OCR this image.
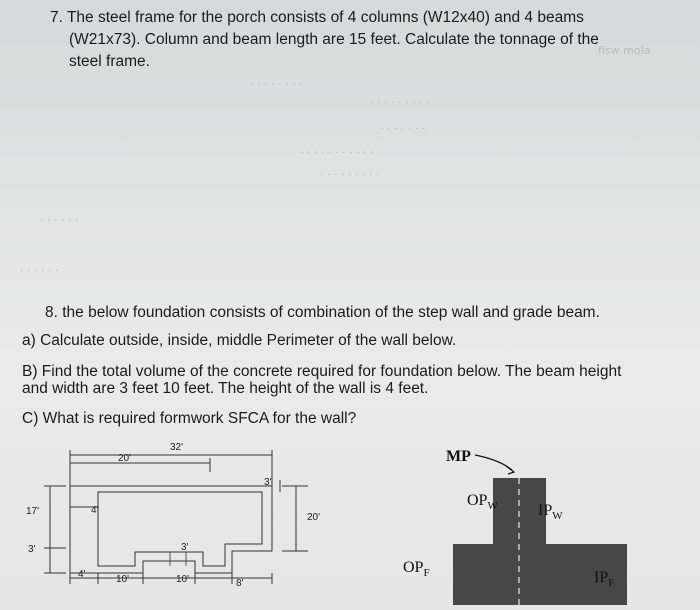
flsw mola
· · · · · · · ·
· · · · · · · · ·
· · · · · · ·
· · · · · · · · · · ·
· · · · · · · · ·
· · · · · ·
· · · · · ·
7. The steel frame for the porch consists of 4 columns (W12x40) and 4 beams
(W21x73). Column and beam length are 15 feet. Calculate the tonnage of the
steel frame.
8. the below foundation consists of combination of the step wall and grade beam.
a) Calculate outside, inside, middle Perimeter of the wall below.
B) Find the total volume of the concrete required for foundation below. The beam height
and width are 3 feet 10 feet. The height of the wall is 4 feet.
C) What is required formwork SFCA for the wall?
32'
20'
17'	4'
3'
3'
3'
20'
4'	10'	10'	8'
MP
$OP_W$	$IP_W$
$OP_F$	$IP_F$
